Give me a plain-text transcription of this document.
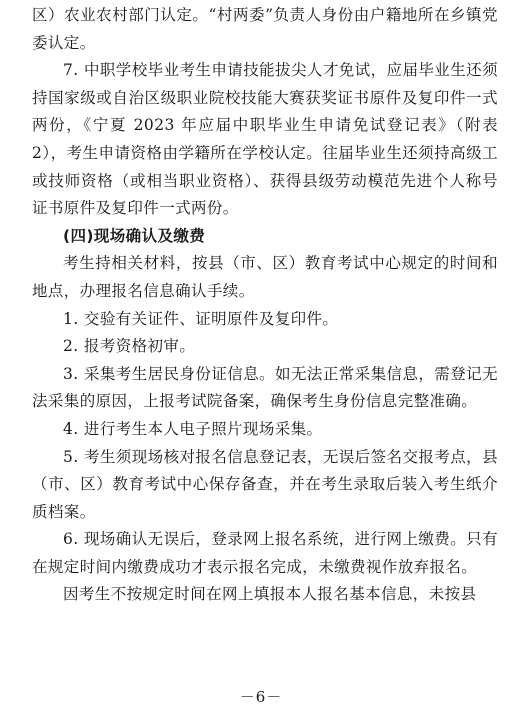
区）农业农村部门认定。“村两委”负责人身份由户籍地所在乡镇党委认定。

7. 中职学校毕业考生申请技能拔尖人才免试，应届毕业生还须持国家级或自治区级职业院校技能大赛获奖证书原件及复印件一式两份，《宁夏 2023 年应届中职毕业生申请免试登记表》（附表 2），考生申请资格由学籍所在学校认定。往届毕业生还须持高级工或技师资格（或相当职业资格）、获得县级劳动模范先进个人称号证书原件及复印件一式两份。

(四)现场确认及缴费

考生持相关材料，按县（市、区）教育考试中心规定的时间和地点，办理报名信息确认手续。

1. 交验有关证件、证明原件及复印件。

2. 报考资格初审。

3. 采集考生居民身份证信息。如无法正常采集信息，需登记无法采集的原因，上报考试院备案，确保考生身份信息完整准确。

4. 进行考生本人电子照片现场采集。

5. 考生须现场核对报名信息登记表，无误后签名交报考点，县（市、区）教育考试中心保存备查，并在考生录取后装入考生纸介质档案。

6. 现场确认无误后，登录网上报名系统，进行网上缴费。只有在规定时间内缴费成功才表示报名完成，未缴费视作放弃报名。

因考生不按规定时间在网上填报本人报名基本信息，未按县

－6－
